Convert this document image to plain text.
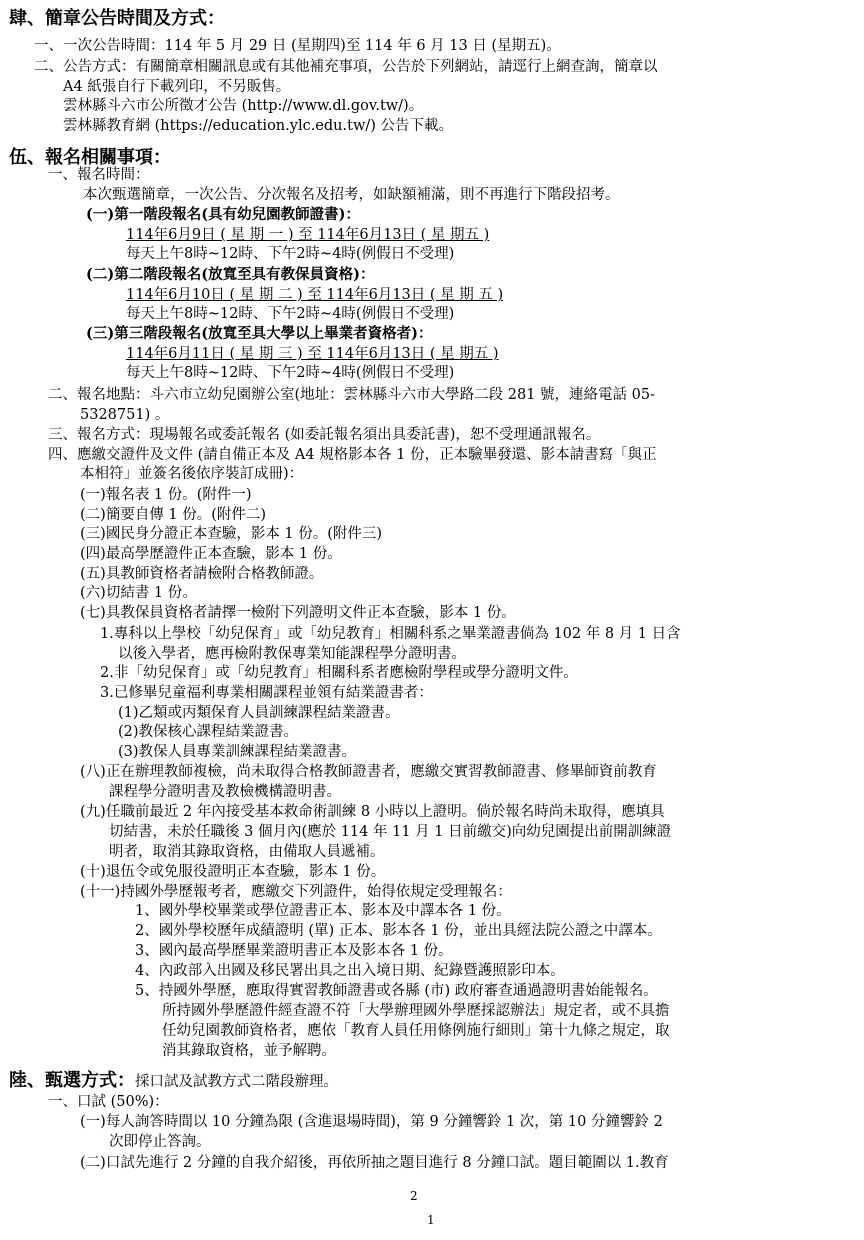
肆、簡章公告時間及方式：
一、一次公告時間：114 年 5 月 29 日 (星期四)至 114 年 6 月 13 日 (星期五)。
二、公告方式：有關簡章相關訊息或有其他補充事項，公告於下列網站，請逕行上網查詢，簡章以
A4 紙張自行下載列印，不另販售。
雲林縣斗六市公所徵才公告 (http://www.dl.gov.tw/)。
雲林縣教育網 (https://education.ylc.edu.tw/) 公告下載。
伍、報名相關事項：
一、報名時間：
本次甄選簡章，一次公告、分次報名及招考，如缺額補滿，則不再進行下階段招考。
(一)第一階段報名(具有幼兒園教師證書)：
114年6月9日 ( 星 期 一 ) 至 114年6月13日 ( 星 期五 )
每天上午8時~12時、下午2時~4時(例假日不受理)
(二)第二階段報名(放寬至具有教保員資格)：
114年6月10日 ( 星 期 二 ) 至 114年6月13日 ( 星 期 五 )
每天上午8時~12時、下午2時~4時(例假日不受理)
(三)第三階段報名(放寬至具大學以上畢業者資格者)：
114年6月11日 ( 星 期 三 ) 至 114年6月13日 ( 星 期五 )
每天上午8時~12時、下午2時~4時(例假日不受理)
二、報名地點：斗六市立幼兒園辦公室(地址：雲林縣斗六市大學路二段 281 號，連絡電話 05-
5328751) 。
三、報名方式：現場報名或委託報名 (如委託報名須出具委託書)，恕不受理通訊報名。
四、應繳交證件及文件 (請自備正本及 A4 規格影本各 1 份，正本驗畢發還、影本請書寫「與正
本相符」並簽名後依序裝訂成冊)：
(一)報名表 1 份。(附件一)
(二)簡要自傳 1 份。(附件二)
(三)國民身分證正本查驗，影本 1 份。(附件三)
(四)最高學歷證件正本查驗，影本 1 份。
(五)具教師資格者請檢附合格教師證。
(六)切結書 1 份。
(七)具教保員資格者請擇一檢附下列證明文件正本查驗，影本 1 份。
1.專科以上學校「幼兒保育」或「幼兒教育」相關科系之畢業證書倘為 102 年 8 月 1 日含
以後入學者，應再檢附教保專業知能課程學分證明書。
2.非「幼兒保育」或「幼兒教育」相關科系者應檢附學程或學分證明文件。
3.已修畢兒童福利專業相關課程並領有結業證書者：
(1)乙類或丙類保育人員訓練課程結業證書。
(2)教保核心課程結業證書。
(3)教保人員專業訓練課程結業證書。
(八)正在辦理教師複檢，尚未取得合格教師證書者，應繳交實習教師證書、修畢師資前教育
課程學分證明書及教檢機構證明書。
(九)任職前最近 2 年內接受基本救命術訓練 8 小時以上證明。倘於報名時尚未取得，應填具
切結書，未於任職後 3 個月內(應於 114 年 11 月 1 日前繳交)向幼兒園提出前開訓練證
明者，取消其錄取資格，由備取人員遞補。
(十)退伍令或免服役證明正本查驗，影本 1 份。
(十一)持國外學歷報考者，應繳交下列證件，始得依規定受理報名：
1、國外學校畢業或學位證書正本、影本及中譯本各 1 份。
2、國外學校歷年成績證明 (單) 正本、影本各 1 份，並出具經法院公證之中譯本。
3、國內最高學歷畢業證明書正本及影本各 1 份。
4、內政部入出國及移民署出具之出入境日期、紀錄暨護照影印本。
5、持國外學歷，應取得實習教師證書或各縣 (市) 政府審查通過證明書始能報名。
所持國外學歷證件經查證不符「大學辦理國外學歷採認辦法」規定者，或不具擔
任幼兒園教師資格者，應依「教育人員任用條例施行細則」第十九條之規定，取
消其錄取資格，並予解聘。
陸、甄選方式：採口試及試教方式二階段辦理。
一、口試 (50%)：
(一)每人詢答時間以 10 分鐘為限 (含進退場時間)，第 9 分鐘響鈴 1 次，第 10 分鐘響鈴 2
次即停止答詢。
(二)口試先進行 2 分鐘的自我介紹後，再依所抽之題目進行 8 分鐘口試。題目範圍以 1.教育
2
1
